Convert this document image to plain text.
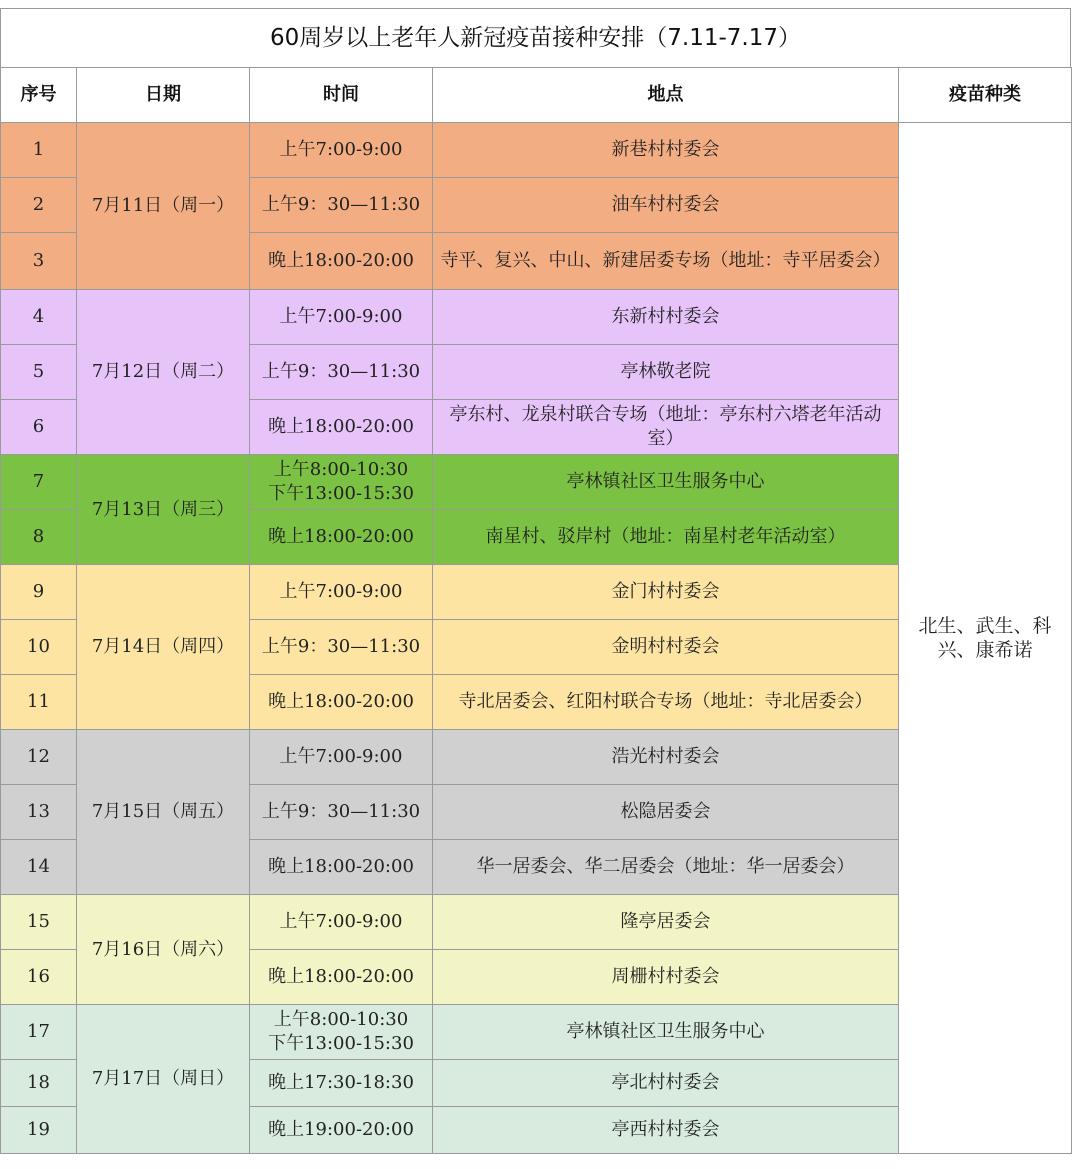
60周岁以上老年人新冠疫苗接种安排（7.11-7.17）
序号	日期	时间	地点	疫苗种类
1	7月11日（周一）	上午7:00-9:00	新巷村村委会	北生、武生、科兴、康希诺
2		上午9：30—11:30	油车村村委会	
3		晚上18:00-20:00	寺平、复兴、中山、新建居委专场（地址：寺平居委会）	
4	7月12日（周二）	上午7:00-9:00	东新村村委会	
5		上午9：30—11:30	亭林敬老院	
6		晚上18:00-20:00	亭东村、龙泉村联合专场（地址：亭东村六塔老年活动室）	
7	7月13日（周三）	上午8:00-10:30
下午13:00-15:30	亭林镇社区卫生服务中心	
8		晚上18:00-20:00	南星村、驳岸村（地址：南星村老年活动室）	
9	7月14日（周四）	上午7:00-9:00	金门村村委会	
10		上午9：30—11:30	金明村村委会	
11		晚上18:00-20:00	寺北居委会、红阳村联合专场（地址：寺北居委会）	
12	7月15日（周五）	上午7:00-9:00	浩光村村委会	
13		上午9：30—11:30	松隐居委会	
14		晚上18:00-20:00	华一居委会、华二居委会（地址：华一居委会）	
15	7月16日（周六）	上午7:00-9:00	隆亭居委会	
16		晚上18:00-20:00	周栅村村委会	
17	7月17日（周日）	上午8:00-10:30
下午13:00-15:30	亭林镇社区卫生服务中心	
18		晚上17:30-18:30	亭北村村委会	
19		晚上19:00-20:00	亭西村村委会	
